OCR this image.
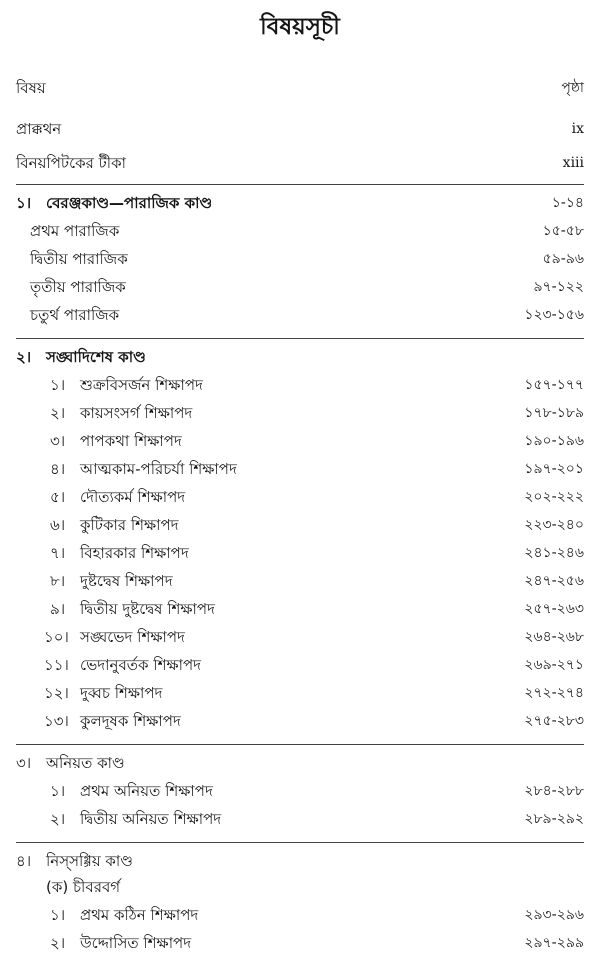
বিষয়সূচী
বিষয়	পৃষ্ঠা
প্রাক্কথন	ix
বিনয়পিটকের টীকা	xiii
১। বেরঞ্জকাণ্ড—পারাজিক কাণ্ড	১-১৪
প্রথম পারাজিক	১৫-৫৮
দ্বিতীয় পারাজিক	৫৯-৯৬
তৃতীয় পারাজিক	৯৭-১২২
চতুর্থ পারাজিক	১২৩-১৫৬
২। সঙ্ঘাদিশেষ কাণ্ড
১। শুক্রবিসর্জন শিক্ষাপদ	১৫৭-১৭৭
২। কায়সংসর্গ শিক্ষাপদ	১৭৮-১৮৯
৩। পাপকথা শিক্ষাপদ	১৯০-১৯৬
৪। আত্মকাম-পরিচর্যা শিক্ষাপদ	১৯৭-২০১
৫। দৌত্যকর্ম শিক্ষাপদ	২০২-২২২
৬। কুটিকার শিক্ষাপদ	২২৩-২৪০
৭। বিহারকার শিক্ষাপদ	২৪১-২৪৬
৮। দুষ্টদ্বেষ শিক্ষাপদ	২৪৭-২৫৬
৯। দ্বিতীয় দুষ্টদ্বেষ শিক্ষাপদ	২৫৭-২৬৩
১০। সঙ্ঘভেদ শিক্ষাপদ	২৬৪-২৬৮
১১। ভেদানুবর্তক শিক্ষাপদ	২৬৯-২৭১
১২। দুব্বচ শিক্ষাপদ	২৭২-২৭৪
১৩। কুলদূষক শিক্ষাপদ	২৭৫-২৮৩
৩। অনিয়ত কাণ্ড
১। প্রথম অনিয়ত শিক্ষাপদ	২৮৪-২৮৮
২। দ্বিতীয় অনিয়ত শিক্ষাপদ	২৮৯-২৯২
৪। নিস্সগ্গিয় কাণ্ড
(ক) চীবরবর্গ
১। প্রথম কঠিন শিক্ষাপদ	২৯৩-২৯৬
২। উদ্দোসিত শিক্ষাপদ	২৯৭-২৯৯
